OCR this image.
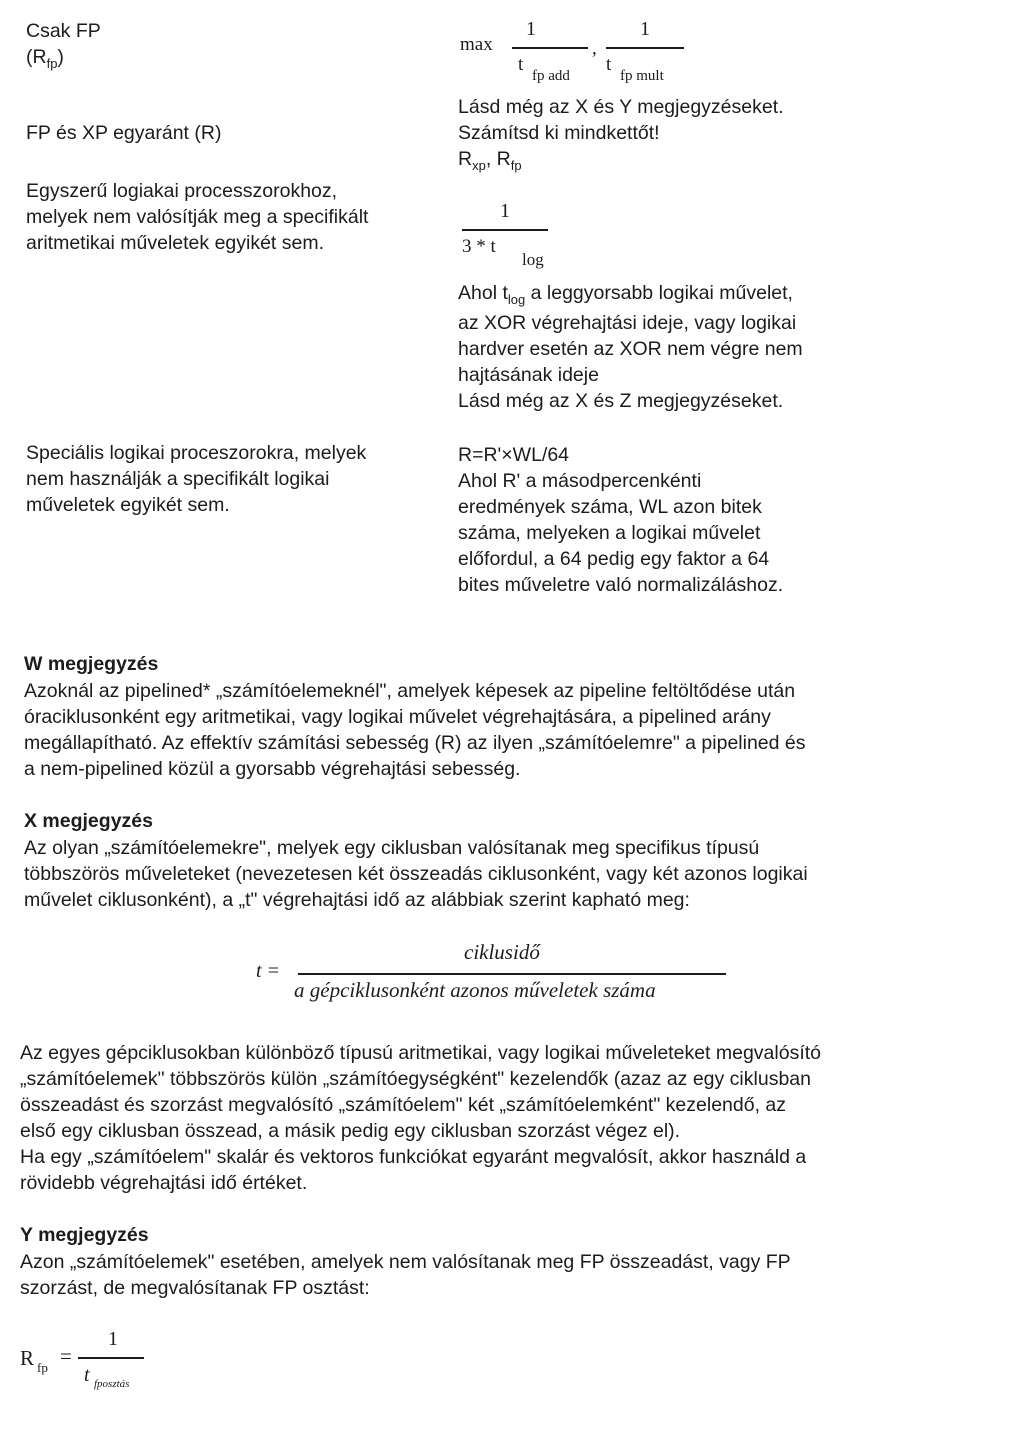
Csak FP
$(R_{fp})$
max
1
t
fp add
,
1
t
fp mult
FP és XP egyaránt (R)
Lásd még az X és Y megjegyzéseket.
Számítsd ki mindkettőt!
$R_{xp}$, $R_{fp}$
Egyszerű logiakai processzorokhoz,
melyek nem valósítják meg a specifikált
aritmetikai műveletek egyikét sem.
1
3 * t
log
Ahol $t_{log}$ a leggyorsabb logikai művelet,
az XOR végrehajtási ideje, vagy logikai
hardver esetén az XOR nem végre nem
hajtásának ideje
Lásd még az X és Z megjegyzéseket.
Speciális logikai proceszorokra, melyek
nem használják a specifikált logikai
műveletek egyikét sem.
R=R'×WL/64
Ahol R' a másodpercenkénti
eredmények száma, WL azon bitek
száma, melyeken a logikai művelet
előfordul, a 64 pedig egy faktor a 64
bites műveletre való normalizáláshoz.
W megjegyzés
Azoknál az pipelined* „számítóelemeknél", amelyek képesek az pipeline feltöltődése után
óraciklusonként egy aritmetikai, vagy logikai művelet végrehajtására, a pipelined arány
megállapítható. Az effektív számítási sebesség (R) az ilyen „számítóelemre" a pipelined és
a nem-pipelined közül a gyorsabb végrehajtási sebesség.
X megjegyzés
Az olyan „számítóelemekre", melyek egy ciklusban valósítanak meg specifikus típusú
többszörös műveleteket (nevezetesen két összeadás ciklusonként, vagy két azonos logikai
művelet ciklusonként), a „t" végrehajtási idő az alábbiak szerint kapható meg:
t =
ciklusidő
a gépciklusonként azonos műveletek száma
Az egyes gépciklusokban különböző típusú aritmetikai, vagy logikai műveleteket megvalósító
„számítóelemek" többszörös külön „számítóegységként" kezelendők (azaz az egy ciklusban
összeadást és szorzást megvalósító „számítóelem" két „számítóelemként" kezelendő, az
első egy ciklusban összead, a másik pedig egy ciklusban szorzást végez el).
Ha egy „számítóelem" skalár és vektoros funkciókat egyaránt megvalósít, akkor használd a
rövidebb végrehajtási idő értéket.
Y megjegyzés
Azon „számítóelemek" esetében, amelyek nem valósítanak meg FP összeadást, vagy FP
szorzást, de megvalósítanak FP osztást:
R fp =
1
t fposztás
